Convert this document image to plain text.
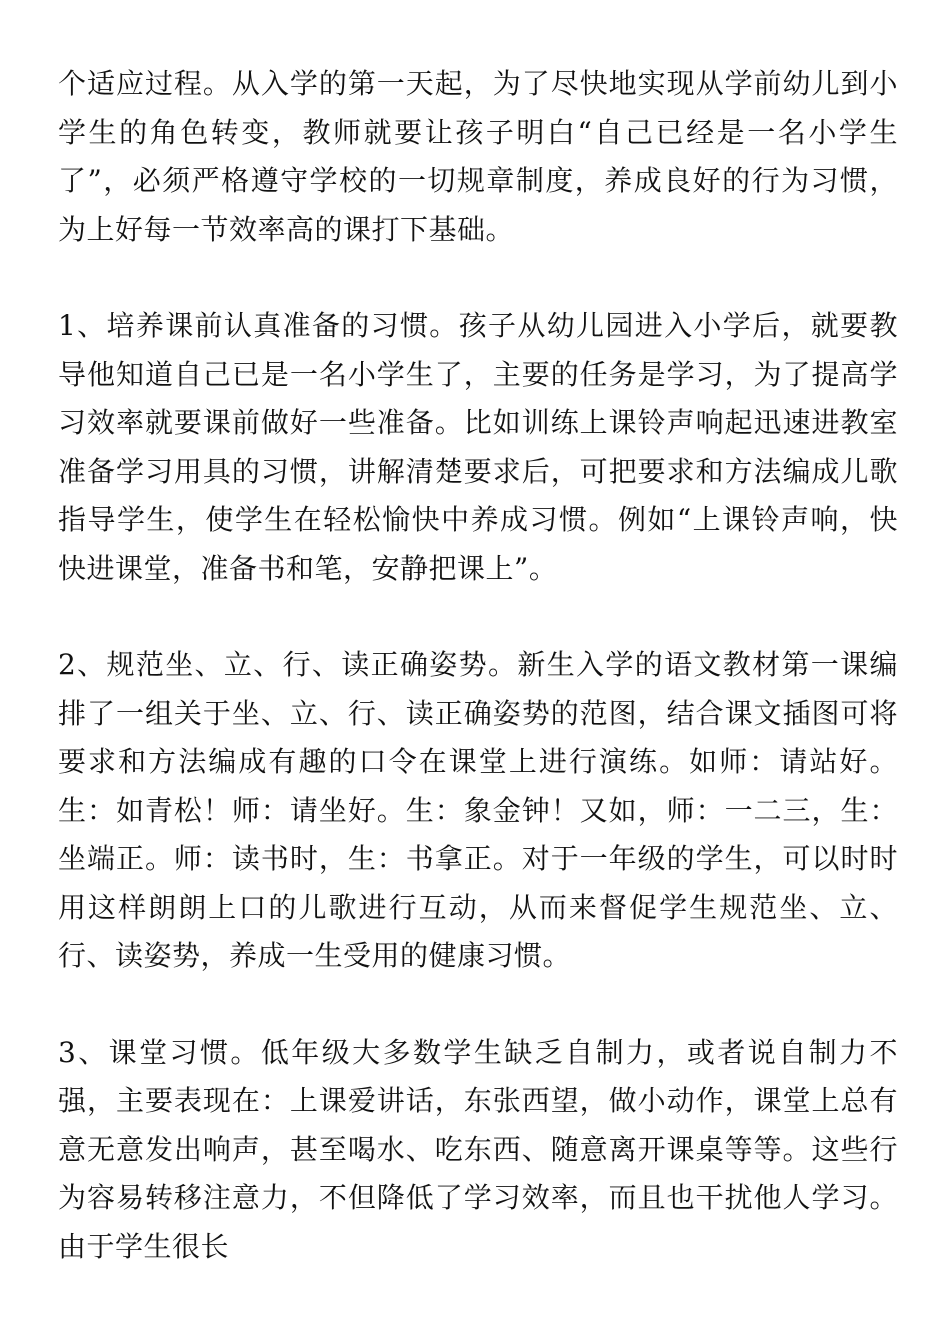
个适应过程。从入学的第一天起，为了尽快地实现从学前幼儿到小学生的角色转变，教师就要让孩子明白“自己已经是一名小学生了”，必须严格遵守学校的一切规章制度，养成良好的行为习惯，为上好每一节效率高的课打下基础。

1、培养课前认真准备的习惯。孩子从幼儿园进入小学后，就要教导他知道自己已是一名小学生了，主要的任务是学习，为了提高学习效率就要课前做好一些准备。比如训练上课铃声响起迅速进教室准备学习用具的习惯，讲解清楚要求后，可把要求和方法编成儿歌指导学生，使学生在轻松愉快中养成习惯。例如“上课铃声响，快快进课堂，准备书和笔，安静把课上”。

2、规范坐、立、行、读正确姿势。新生入学的语文教材第一课编排了一组关于坐、立、行、读正确姿势的范图，结合课文插图可将要求和方法编成有趣的口令在课堂上进行演练。如师：请站好。生：如青松！师：请坐好。生：象金钟！又如，师：一二三，生：坐端正。师：读书时，生：书拿正。对于一年级的学生，可以时时用这样朗朗上口的儿歌进行互动，从而来督促学生规范坐、立、行、读姿势，养成一生受用的健康习惯。

3、课堂习惯。低年级大多数学生缺乏自制力，或者说自制力不强，主要表现在：上课爱讲话，东张西望，做小动作，课堂上总有意无意发出响声，甚至喝水、吃东西、随意离开课桌等等。这些行为容易转移注意力，不但降低了学习效率，而且也干扰他人学习。由于学生很长
